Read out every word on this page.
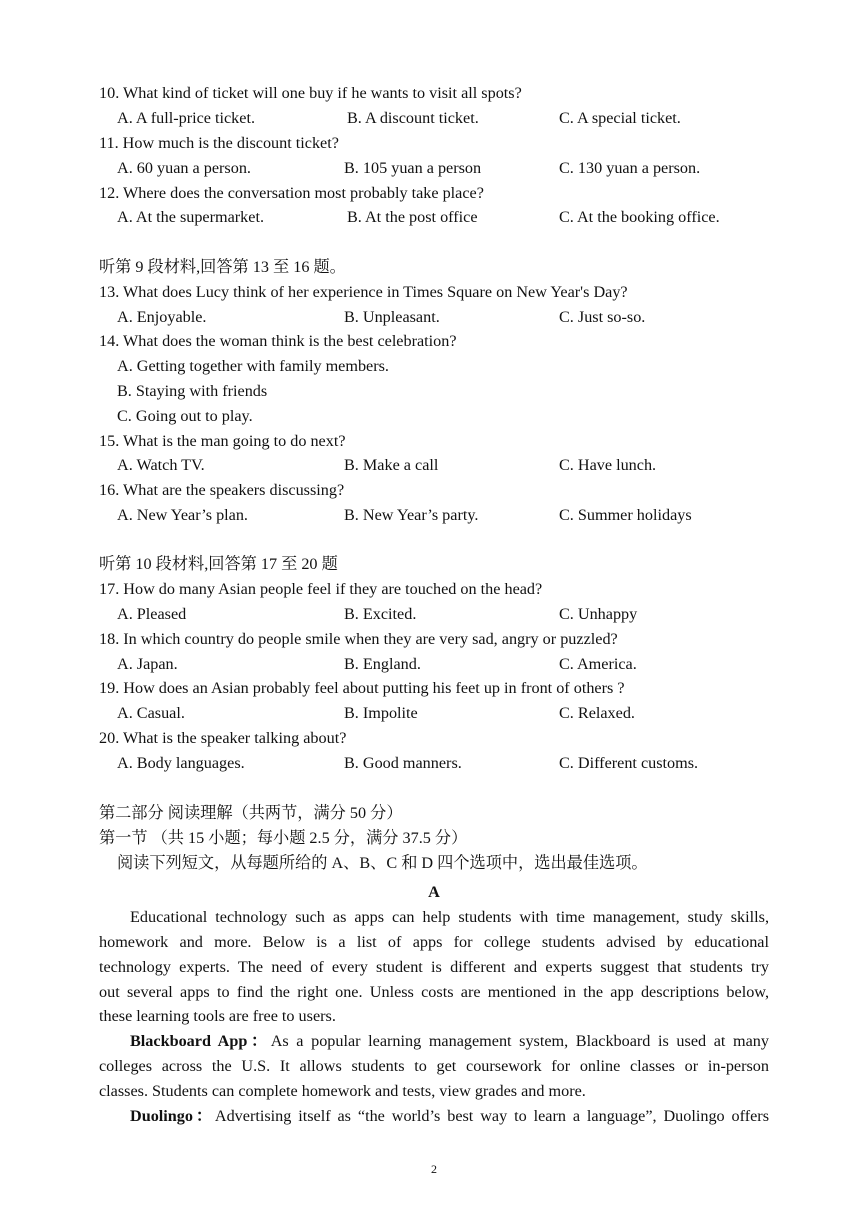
10. What kind of ticket will one buy if he wants to visit all spots?
A. A full-price ticket.	B. A discount ticket.	C. A special ticket.
11. How much is the discount ticket?
A. 60 yuan a person.	B. 105 yuan a person	C. 130 yuan a person.
12. Where does the conversation most probably take place?
A. At the supermarket.	B. At the post office	C. At the booking office.
听第 9 段材料,回答第 13 至 16 题。
13. What does Lucy think of her experience in Times Square on New Year's Day?
A. Enjoyable.	B. Unpleasant.	C. Just so-so.
14. What does the woman think is the best celebration?
A. Getting together with family members.
B. Staying with friends
C. Going out to play.
15. What is the man going to do next?
A. Watch TV.	B. Make a call	C. Have lunch.
16. What are the speakers discussing?
A. New Year’s plan.	B. New Year’s party.	C. Summer holidays
听第 10 段材料,回答第 17 至 20 题
17. How do many Asian people feel if they are touched on the head?
A. Pleased	B. Excited.	C. Unhappy
18. In which country do people smile when they are very sad, angry or puzzled?
A. Japan.	B. England.	C. America.
19. How does an Asian probably feel about putting his feet up in front of others ?
A. Casual.	B. Impolite	C. Relaxed.
20. What is the speaker talking about?
A. Body languages.	B. Good manners.	C. Different customs.
第二部分 阅读理解（共两节，满分 50 分）
第一节 （共 15 小题；每小题 2.5 分，满分 37.5 分）
阅读下列短文，从每题所给的 A、B、C 和 D 四个选项中，选出最佳选项。
A
Educational technology such as apps can help students with time management, study skills,
homework and more. Below is a list of apps for college students advised by educational
technology experts. The need of every student is different and experts suggest that students try
out several apps to find the right one. Unless costs are mentioned in the app descriptions below,
these learning tools are free to users.
Blackboard App：As a popular learning management system, Blackboard is used at many
colleges across the U.S. It allows students to get coursework for online classes or in-person
classes. Students can complete homework and tests, view grades and more.
Duolingo：Advertising itself as “the world’s best way to learn a language”, Duolingo offers
2
